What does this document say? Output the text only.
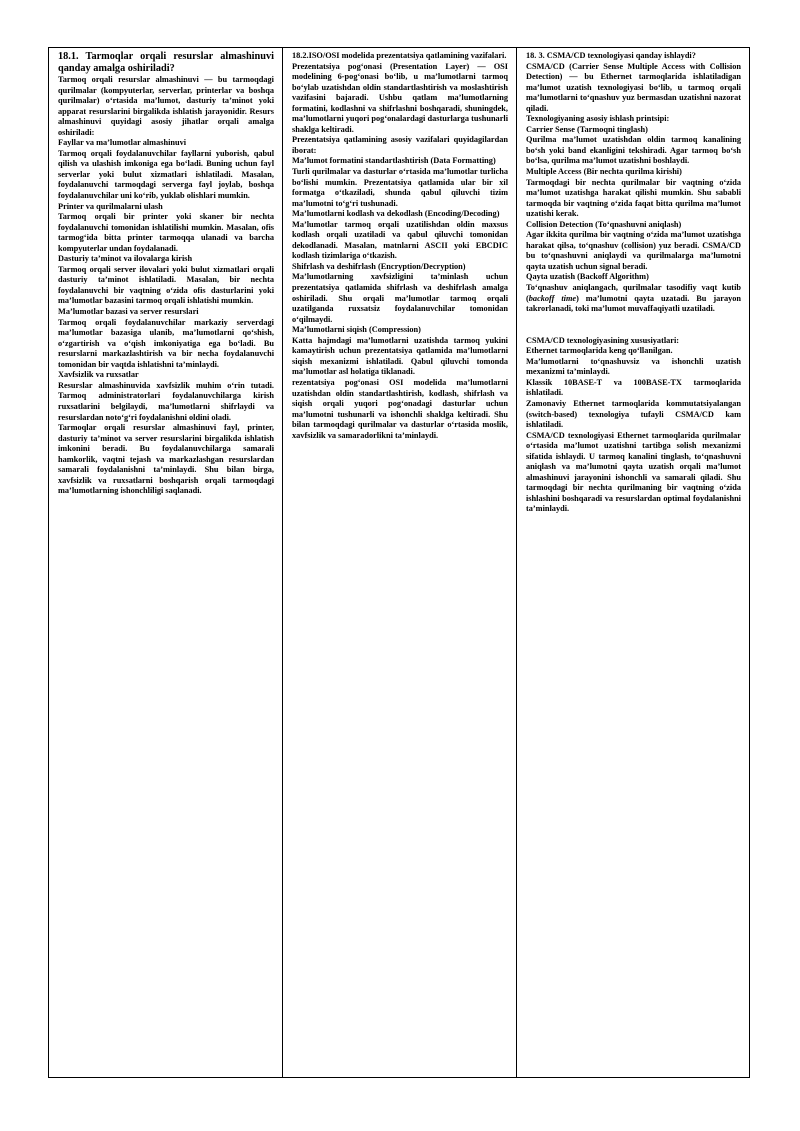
18.1. Tarmoqlar orqali resurslar almashinuvi qanday amalga oshiriladi?

Tarmoq orqali resurslar almashinuvi — bu tarmoqdagi qurilmalar (kompyuterlar, serverlar, printerlar va boshqa qurilmalar) o‘rtasida ma’lumot, dasturiy ta’minot yoki apparat resurslarini birgalikda ishlatish jarayonidir. Resurs almashinuvi quyidagi asosiy jihatlar orqali amalga oshiriladi:

Fayllar va ma’lumotlar almashinuvi

Tarmoq orqali foydalanuvchilar fayllarni yuborish, qabul qilish va ulashish imkoniga ega bo‘ladi. Buning uchun fayl serverlar yoki bulut xizmatlari ishlatiladi. Masalan, foydalanuvchi tarmoqdagi serverga fayl joylab, boshqa foydalanuvchilar uni ko‘rib, yuklab olishlari mumkin.

Printer va qurilmalarni ulash

Tarmoq orqali bir printer yoki skaner bir nechta foydalanuvchi tomonidan ishlatilishi mumkin. Masalan, ofis tarmog‘ida bitta printer tarmoqqa ulanadi va barcha kompyuterlar undan foydalanadi.

Dasturiy ta’minot va ilovalarga kirish

Tarmoq orqali server ilovalari yoki bulut xizmatlari orqali dasturiy ta’minot ishlatiladi. Masalan, bir nechta foydalanuvchi bir vaqtning o‘zida ofis dasturlarini yoki ma’lumotlar bazasini tarmoq orqali ishlatishi mumkin.

Ma’lumotlar bazasi va server resurslari

Tarmoq orqali foydalanuvchilar markaziy serverdagi ma’lumotlar bazasiga ulanib, ma’lumotlarni qo‘shish, o‘zgartirish va o‘qish imkoniyatiga ega bo‘ladi. Bu resurslarni markazlashtirish va bir necha foydalanuvchi tomonidan bir vaqtda ishlatishni ta’minlaydi.

Xavfsizlik va ruxsatlar

Resurslar almashinuvida xavfsizlik muhim o‘rin tutadi. Tarmoq administratorlari foydalanuvchilarga kirish ruxsatlarini belgilaydi, ma’lumotlarni shifrlaydi va resurslardan noto‘g‘ri foydalanishni oldini oladi.

Tarmoqlar orqali resurslar almashinuvi fayl, printer, dasturiy ta’minot va server resurslarini birgalikda ishlatish imkonini beradi. Bu foydalanuvchilarga samarali hamkorlik, vaqtni tejash va markazlashgan resurslardan samarali foydalanishni ta’minlaydi. Shu bilan birga, xavfsizlik va ruxsatlarni boshqarish orqali tarmoqdagi ma’lumotlarning ishonchliligi saqlanadi.

18.2.ISO/OSI modelida prezentatsiya qatlamining vazifalari.

Prezentatsiya pog‘onasi (Presentation Layer) — OSI modelining 6-pog‘onasi bo‘lib, u ma’lumotlarni tarmoq bo‘ylab uzatishdan oldin standartlashtirish va moslashtirish vazifasini bajaradi. Ushbu qatlam ma’lumotlarning formatini, kodlashni va shifrlashni boshqaradi, shuningdek, ma’lumotlarni yuqori pog‘onalardagi dasturlarga tushunarli shaklga keltiradi.

Prezentatsiya qatlamining asosiy vazifalari quyidagilardan iborat:

Ma’lumot formatini standartlashtirish (Data Formatting)

Turli qurilmalar va dasturlar o‘rtasida ma’lumotlar turlicha bo‘lishi mumkin. Prezentatsiya qatlamida ular bir xil formatga o‘tkaziladi, shunda qabul qiluvchi tizim ma’lumotni to‘g‘ri tushunadi.

Ma’lumotlarni kodlash va dekodlash (Encoding/Decoding)

Ma’lumotlar tarmoq orqali uzatilishdan oldin maxsus kodlash orqali uzatiladi va qabul qiluvchi tomonidan dekodlanadi. Masalan, matnlarni ASCII yoki EBCDIC kodlash tizimlariga o‘tkazish.

Shifrlash va deshifrlash (Encryption/Decryption)

Ma’lumotlarning xavfsizligini ta’minlash uchun prezentatsiya qatlamida shifrlash va deshifrlash amalga oshiriladi. Shu orqali ma’lumotlar tarmoq orqali uzatilganda ruxsatsiz foydalanuvchilar tomonidan o‘qilmaydi.

Ma’lumotlarni siqish (Compression)

Katta hajmdagi ma’lumotlarni uzatishda tarmoq yukini kamaytirish uchun prezentatsiya qatlamida ma’lumotlarni siqish mexanizmi ishlatiladi. Qabul qiluvchi tomonda ma’lumotlar asl holatiga tiklanadi.

rezentatsiya pog‘onasi OSI modelida ma’lumotlarni uzatishdan oldin standartlashtirish, kodlash, shifrlash va siqish orqali yuqori pog‘onadagi dasturlar uchun ma’lumotni tushunarli va ishonchli shaklga keltiradi. Shu bilan tarmoqdagi qurilmalar va dasturlar o‘rtasida moslik, xavfsizlik va samaradorlikni ta’minlaydi.

18. 3. CSMA/CD texnologiyasi qanday ishlaydi?

CSMA/CD (Carrier Sense Multiple Access with Collision Detection) — bu Ethernet tarmoqlarida ishlatiladigan ma’lumot uzatish texnologiyasi bo‘lib, u tarmoq orqali ma’lumotlarni to‘qnashuv yuz bermasdan uzatishni nazorat qiladi.

Texnologiyaning asosiy ishlash printsipi:

Carrier Sense (Tarmoqni tinglash)

Qurilma ma’lumot uzatishdan oldin tarmoq kanalining bo‘sh yoki band ekanligini tekshiradi. Agar tarmoq bo‘sh bo‘lsa, qurilma ma’lumot uzatishni boshlaydi.

Multiple Access (Bir nechta qurilma kirishi)

Tarmoqdagi bir nechta qurilmalar bir vaqtning o‘zida ma’lumot uzatishga harakat qilishi mumkin. Shu sababli tarmoqda bir vaqtning o‘zida faqat bitta qurilma ma’lumot uzatishi kerak.

Collision Detection (To‘qnashuvni aniqlash)

Agar ikkita qurilma bir vaqtning o‘zida ma’lumot uzatishga harakat qilsa, to‘qnashuv (collision) yuz beradi. CSMA/CD bu to‘qnashuvni aniqlaydi va qurilmalarga ma’lumotni qayta uzatish uchun signal beradi.

Qayta uzatish (Backoff Algorithm)

To‘qnashuv aniqlangach, qurilmalar tasodifiy vaqt kutib (backoff time) ma’lumotni qayta uzatadi. Bu jarayon takrorlanadi, toki ma’lumot muvaffaqiyatli uzatiladi.

CSMA/CD texnologiyasining xususiyatlari:

Ethernet tarmoqlarida keng qo‘llanilgan.

Ma’lumotlarni to‘qnashuvsiz va ishonchli uzatish mexanizmi ta’minlaydi.

Klassik 10BASE-T va 100BASE-TX tarmoqlarida ishlatiladi.

Zamonaviy Ethernet tarmoqlarida kommutatsiyalangan (switch-based) texnologiya tufayli CSMA/CD kam ishlatiladi.

CSMA/CD texnologiyasi Ethernet tarmoqlarida qurilmalar o‘rtasida ma’lumot uzatishni tartibga solish mexanizmi sifatida ishlaydi. U tarmoq kanalini tinglash, to‘qnashuvni aniqlash va ma’lumotni qayta uzatish orqali ma’lumot almashinuvi jarayonini ishonchli va samarali qiladi. Shu tarmoqdagi bir nechta qurilmaning bir vaqtning o‘zida ishlashini boshqaradi va resurslardan optimal foydalanishni ta’minlaydi.
